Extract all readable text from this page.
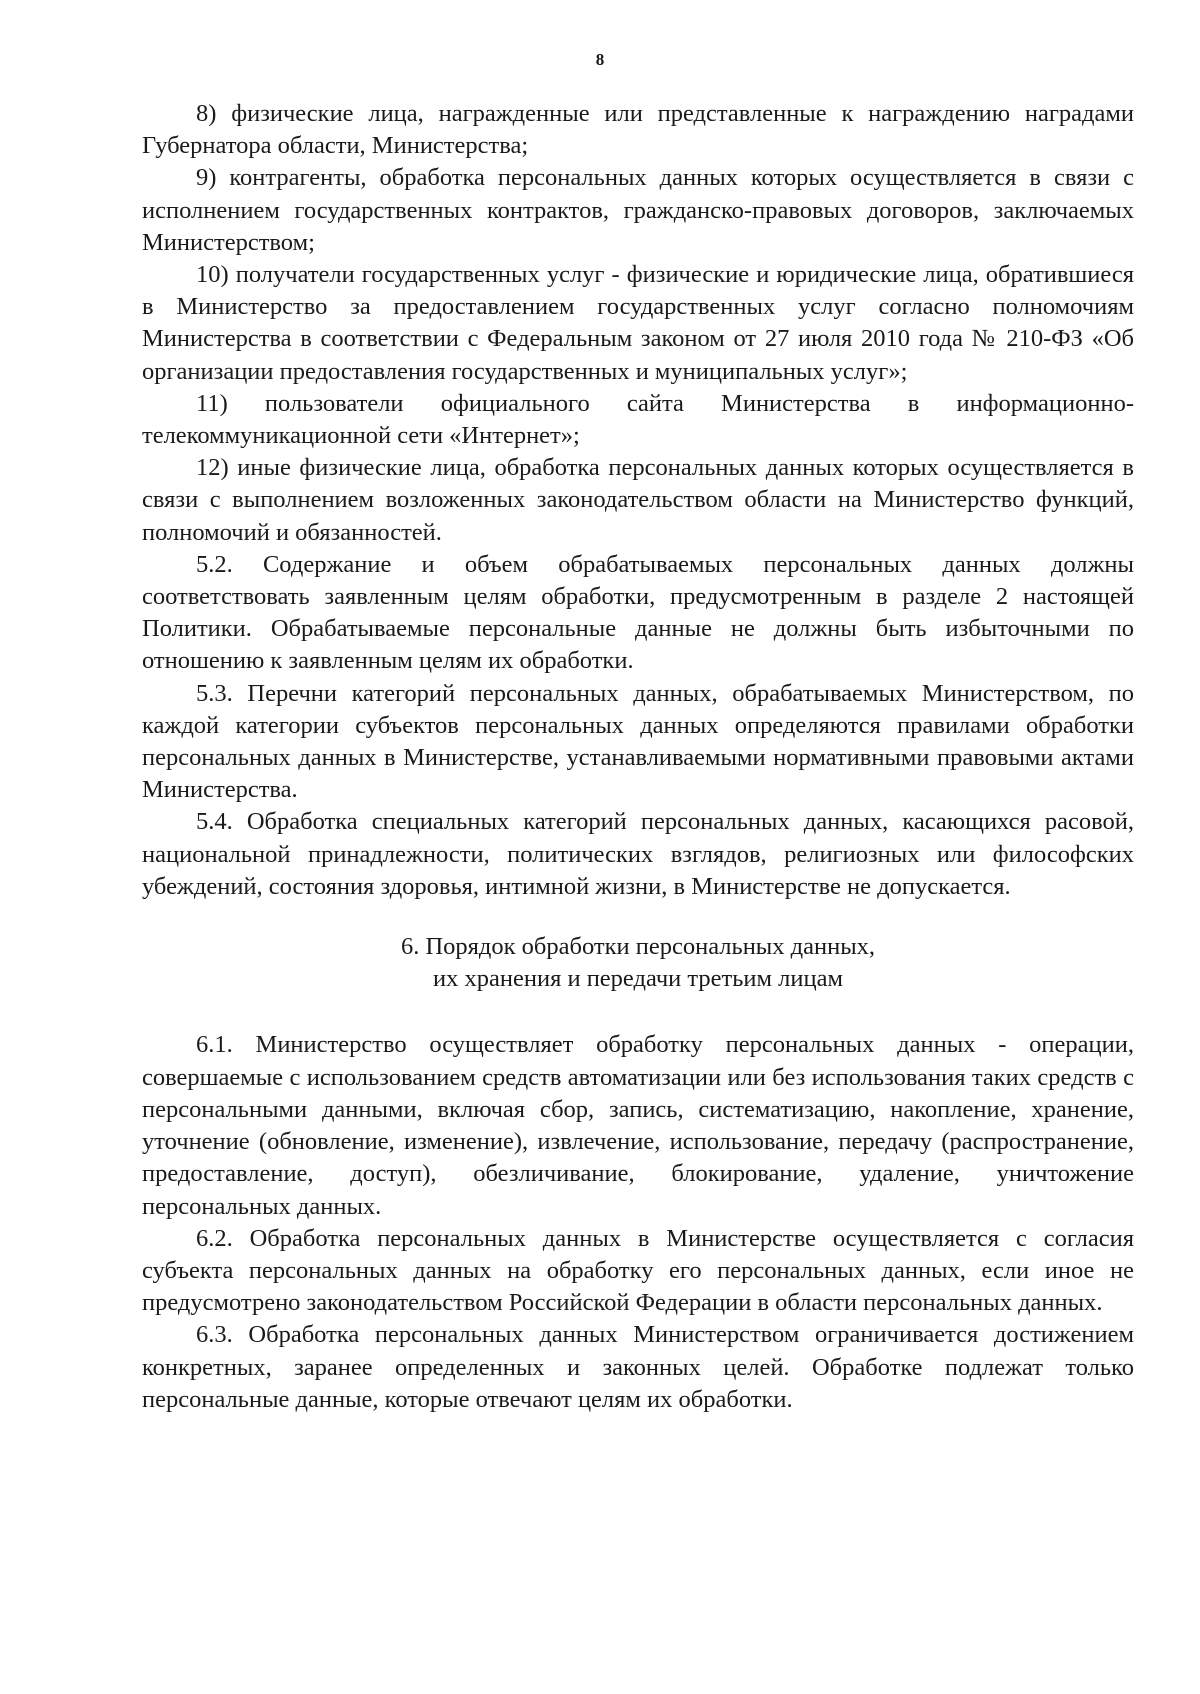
8

8) физические лица, награжденные или представленные к награждению наградами Губернатора области, Министерства;

9) контрагенты, обработка персональных данных которых осуществляется в связи с исполнением государственных контрактов, гражданско-правовых договоров, заключаемых Министерством;

10) получатели государственных услуг - физические и юридические лица, обратившиеся в Министерство за предоставлением государственных услуг согласно полномочиям Министерства в соответствии с Федеральным законом от 27 июля 2010 года № 210-ФЗ «Об организации предоставления государственных и муниципальных услуг»;

11) пользователи официального сайта Министерства в информационно-телекоммуникационной сети «Интернет»;

12) иные физические лица, обработка персональных данных которых осуществляется в связи с выполнением возложенных законодательством области на Министерство функций, полномочий и обязанностей.

5.2. Содержание и объем обрабатываемых персональных данных должны соответствовать заявленным целям обработки, предусмотренным в разделе 2 настоящей Политики. Обрабатываемые персональные данные не должны быть избыточными по отношению к заявленным целям их обработки.

5.3. Перечни категорий персональных данных, обрабатываемых Министерством, по каждой категории субъектов персональных данных определяются правилами обработки персональных данных в Министерстве, устанавливаемыми нормативными правовыми актами Министерства.

5.4. Обработка специальных категорий персональных данных, касающихся расовой, национальной принадлежности, политических взглядов, религиозных или философских убеждений, состояния здоровья, интимной жизни, в Министерстве не допускается.

6. Порядок обработки персональных данных,
их хранения и передачи третьим лицам

6.1. Министерство осуществляет обработку персональных данных - операции, совершаемые с использованием средств автоматизации или без использования таких средств с персональными данными, включая сбор, запись, систематизацию, накопление, хранение, уточнение (обновление, изменение), извлечение, использование, передачу (распространение, предоставление, доступ), обезличивание, блокирование, удаление, уничтожение персональных данных.

6.2. Обработка персональных данных в Министерстве осуществляется с согласия субъекта персональных данных на обработку его персональных данных, если иное не предусмотрено законодательством Российской Федерации в области персональных данных.

6.3. Обработка персональных данных Министерством ограничивается достижением конкретных, заранее определенных и законных целей. Обработке подлежат только персональные данные, которые отвечают целям их обработки.
